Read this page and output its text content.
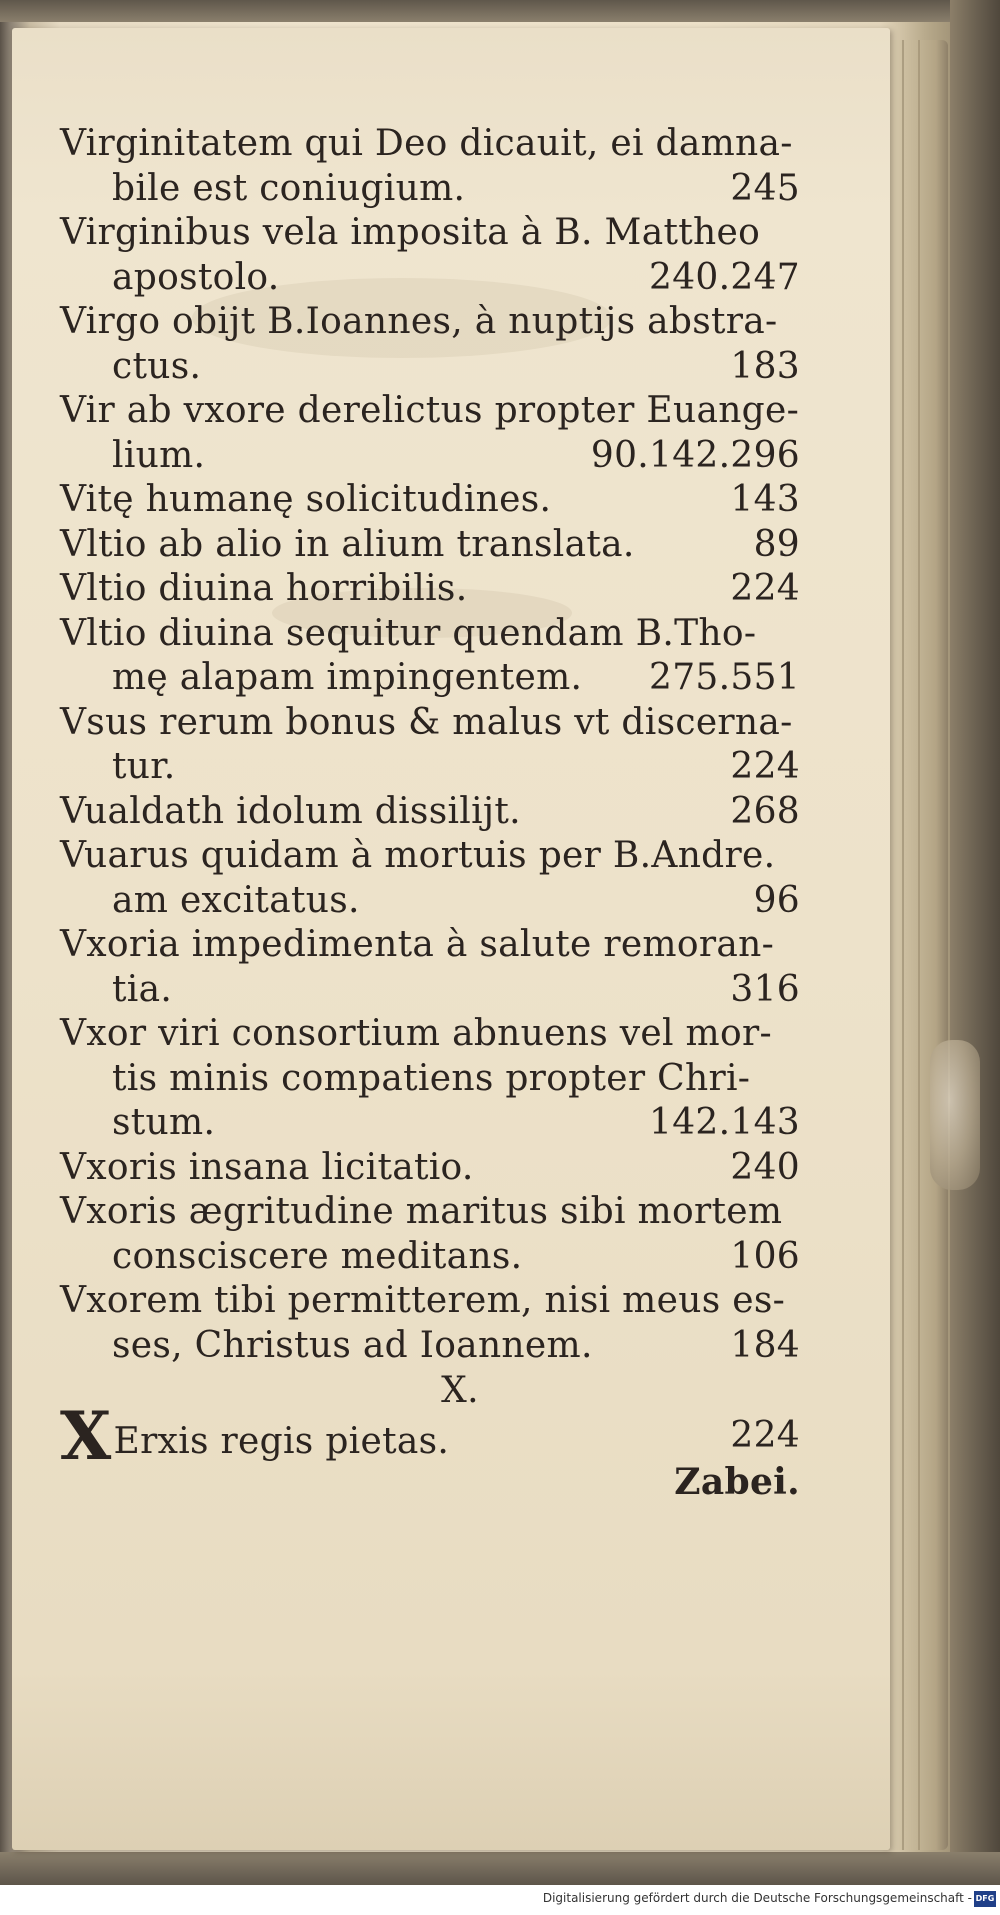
Virginitatem qui Deo dicauit, ei damna-
bile est coniugium.	245
Virginibus vela imposita à B. Mattheo
apostolo.	240.247
Virgo obijt B.Ioannes, à nuptijs abstra-
ctus.	183
Vir ab vxore derelictus propter Euange-
lium.	90.142.296
Vitę humanę solicitudines.	143
Vltio ab alio in alium translata.	89
Vltio diuina horribilis.	224
Vltio diuina sequitur quendam B.Tho-
mę alapam impingentem. 275.551
Vsus rerum bonus & malus vt discerna-
tur.	224
Vualdath idolum dissilijt.	268
Vuarus quidam à mortuis per B.Andre.
am excitatus.	96
Vxoria impedimenta à salute remoran-
tia.	316
Vxor viri consortium abnuens vel mor-
tis minis compatiens propter Chri-
stum.	142.143
Vxoris insana licitatio.	240
Vxoris ægritudine maritus sibi mortem
consciscere meditans.	106
Vxorem tibi permitterem, nisi meus es-
ses, Christus ad Ioannem.	184
X.
XErxis regis pietas.	224
Zabei.
Digitalisierung gefördert durch die Deutsche Forschungsgemeinschaft - DFG
